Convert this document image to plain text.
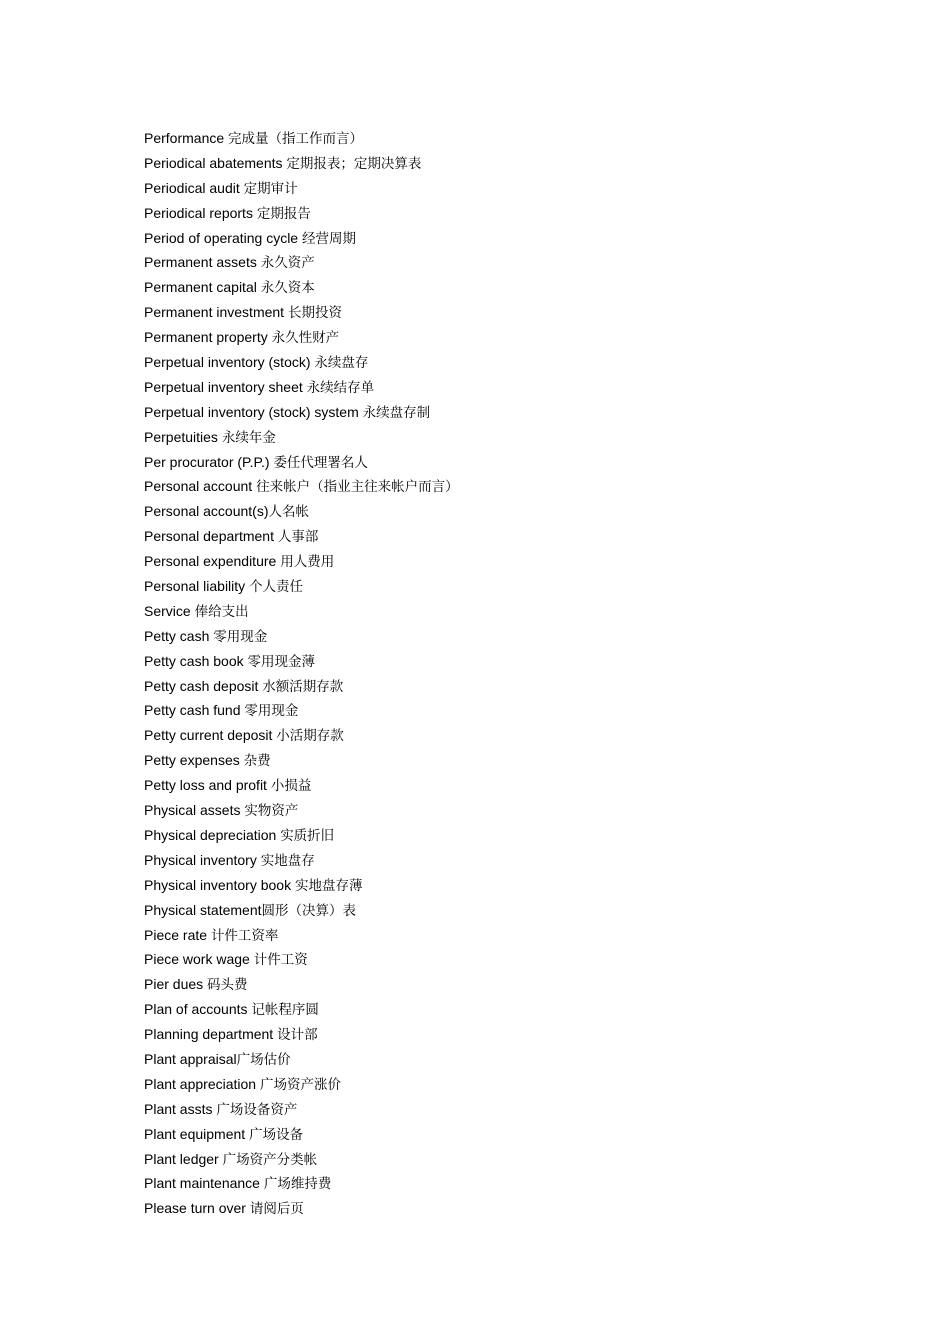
Performance 完成量（指工作而言）
Periodical abatements 定期报表；定期决算表
Periodical audit 定期审计
Periodical reports 定期报告
Period of operating cycle 经营周期
Permanent assets 永久资产
Permanent capital 永久资本
Permanent investment 长期投资
Permanent property 永久性财产
Perpetual inventory (stock) 永续盘存
Perpetual inventory sheet 永续结存单
Perpetual inventory (stock) system 永续盘存制
Perpetuities 永续年金
Per procurator (P.P.) 委任代理署名人
Personal account 往来帐户（指业主往来帐户而言）
Personal account(s)人名帐
Personal department 人事部
Personal expenditure 用人费用
Personal liability 个人责任
Service 俸给支出
Petty cash 零用现金
Petty cash book 零用现金薄
Petty cash deposit 水额活期存款
Petty cash fund 零用现金
Petty current deposit 小活期存款
Petty expenses 杂费
Petty loss and profit 小损益
Physical assets 实物资产
Physical depreciation 实质折旧
Physical inventory 实地盘存
Physical inventory book 实地盘存薄
Physical statement圆形（决算）表
Piece rate 计件工资率
Piece work wage 计件工资
Pier dues 码头费
Plan of accounts 记帐程序圆
Planning department 设计部
Plant appraisal广场估价
Plant appreciation 广场资产涨价
Plant assts 广场设备资产
Plant equipment 广场设备
Plant ledger 广场资产分类帐
Plant maintenance 广场维持费
Please turn over 请阅后页
